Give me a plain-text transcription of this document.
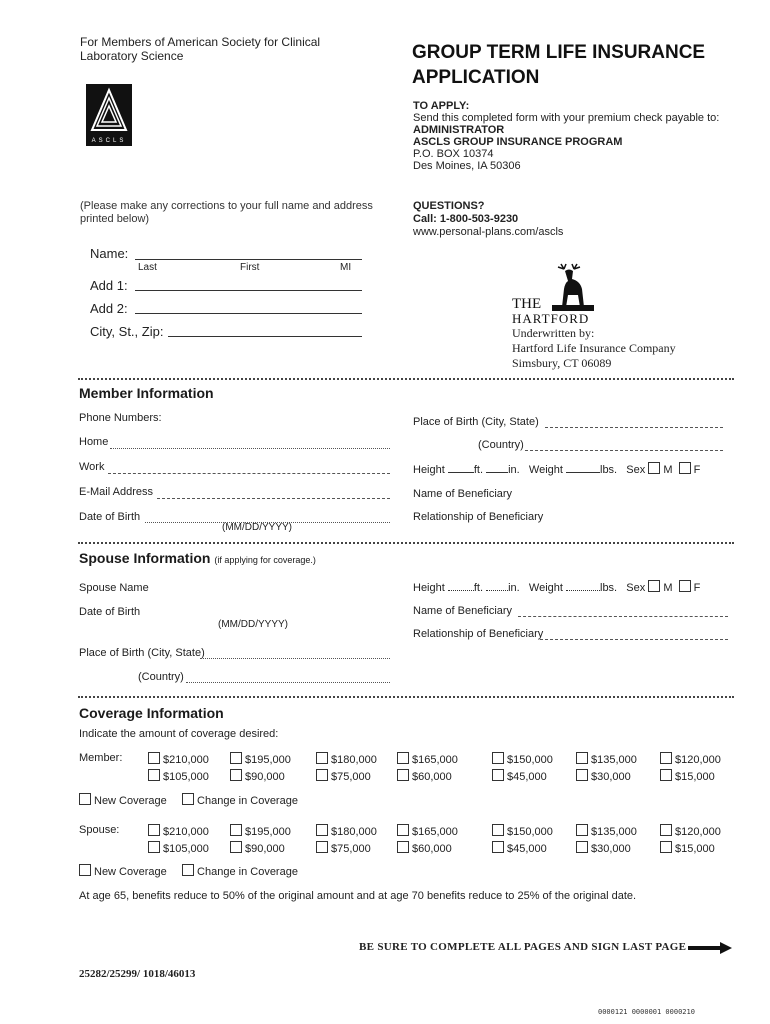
For Members of American Society for Clinical
Laboratory Science
ASCLS
GROUP TERM LIFE INSURANCE
APPLICATION
TO APPLY:
Send this completed form with your premium check payable to:
ADMINISTRATOR
ASCLS GROUP INSURANCE PROGRAM
P.O. BOX 10374
Des Moines, IA 50306
(Please make any corrections to your full name and address
printed below)
QUESTIONS?
Call: 1-800-503-9230
www.personal-plans.com/ascls
Name:
Last	First	MI
Add 1:
Add 2:
City, St., Zip:
THE
HARTFORD
Underwritten by:
Hartford Life Insurance Company
Simsbury, CT 06089
Member Information
Phone Numbers:
Home
Work
E-Mail Address
Date of Birth
(MM/DD/YYYY)
Place of Birth (City, State)
(Country)
Height	ft. in. Weight	lbs. Sex M F
Name of Beneficiary
Relationship of Beneficiary
Spouse Information (if applying for coverage.)
Spouse Name
Date of Birth
(MM/DD/YYYY)
Place of Birth (City, State)
(Country)
Height	ft. in. Weight	lbs. Sex M F
Name of Beneficiary
Relationship of Beneficiary
Coverage Information
Indicate the amount of coverage desired:
Member:	$210,000	$195,000	$180,000	$165,000	$150,000	$135,000	$120,000
$105,000	$90,000	$75,000	$60,000	$45,000	$30,000	$15,000
New Coverage	Change in Coverage
Spouse:	$210,000	$195,000	$180,000	$165,000	$150,000	$135,000	$120,000
$105,000	$90,000	$75,000	$60,000	$45,000	$30,000	$15,000
New Coverage	Change in Coverage
At age 65, benefits reduce to 50% of the original amount and at age 70 benefits reduce to 25% of the original date.
BE SURE TO COMPLETE ALL PAGES AND SIGN LAST PAGE
25282/25299/ 1018/46013
0000121 0000001 0000210
